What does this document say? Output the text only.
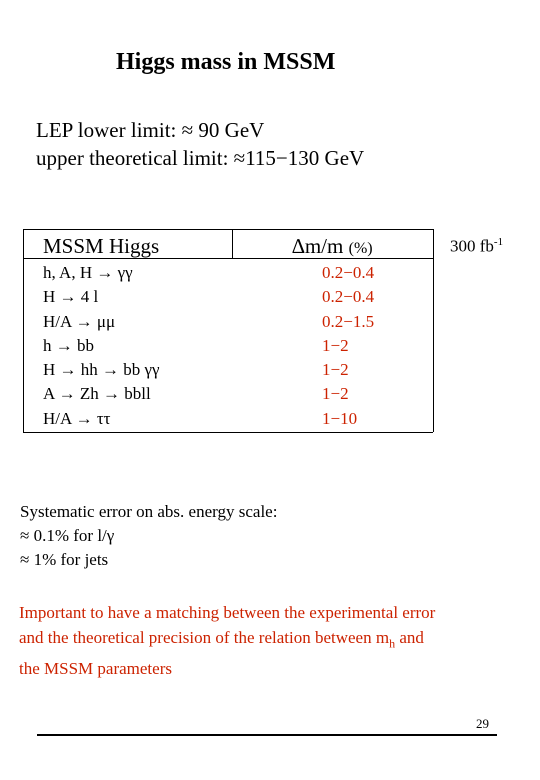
Higgs mass in MSSM
LEP lower limit: ≈ 90 GeV
upper theoretical limit: ≈115−130 GeV
MSSM Higgs	∆m/m (%)	300 $fb^{-1}$
h, A, H → γγ
H → 4 l
H/A → μμ
h → bb
H → hh → bb γγ
A → Zh → bbll
H/A → ττ
0.2−0.4
0.2−0.4
0.2−1.5
1−2
1−2
1−2
1−10
Systematic error on abs. energy scale:
≈ 0.1% for l/γ
≈ 1% for jets
Important to have a matching between the experimental error
and the theoretical precision of the relation between $m_h$ and
the MSSM parameters
29
